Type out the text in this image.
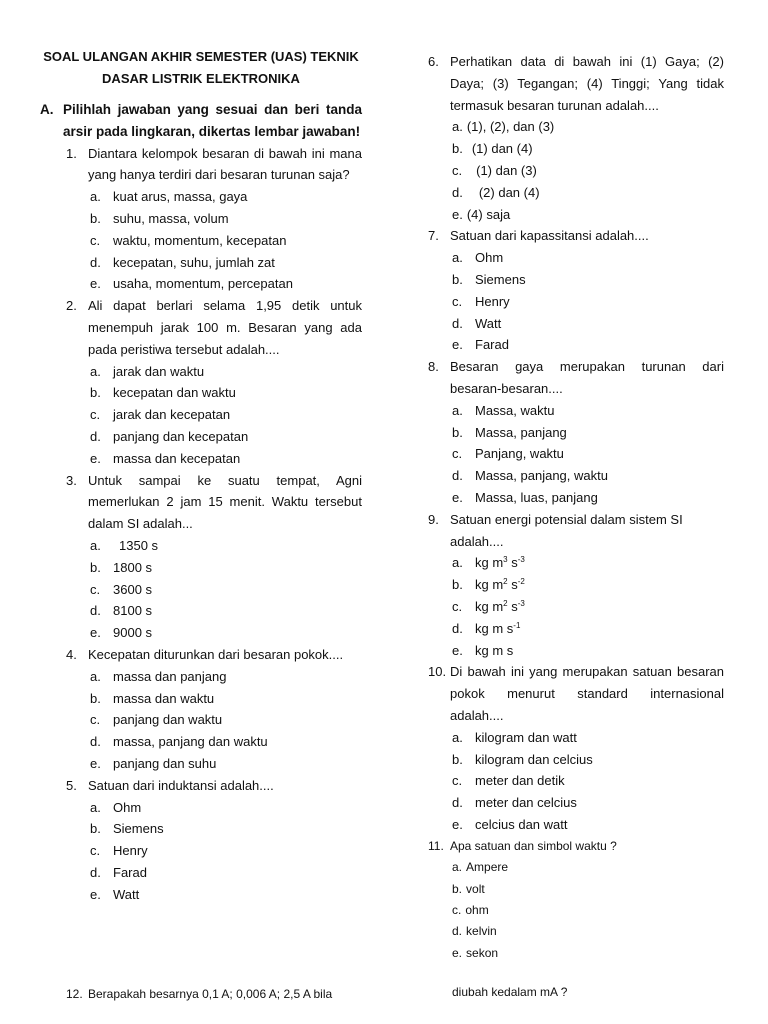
SOAL ULANGAN AKHIR SEMESTER (UAS) TEKNIK
DASAR LISTRIK ELEKTRONIKA
A. Pilihlah jawaban yang sesuai dan beri tanda arsir pada lingkaran, dikertas lembar jawaban!
1. Diantara kelompok besaran di bawah ini mana yang hanya terdiri dari besaran turunan saja?
a. kuat arus, massa, gaya
b. suhu, massa, volum
c. waktu, momentum, kecepatan
d. kecepatan, suhu, jumlah zat
e. usaha, momentum, percepatan
2. Ali dapat berlari selama 1,95 detik untuk menempuh jarak 100 m. Besaran yang ada pada peristiwa tersebut adalah....
a. jarak dan waktu
b. kecepatan dan waktu
c. jarak dan kecepatan
d. panjang dan kecepatan
e. massa dan kecepatan
3. Untuk sampai ke suatu tempat, Agni memerlukan 2 jam 15 menit. Waktu tersebut dalam SI adalah...
a.	1350 s
b. 1800 s
c. 3600 s
d. 8100 s
e. 9000 s
4. Kecepatan diturunkan dari besaran pokok....
a. massa dan panjang
b. massa dan waktu
c. panjang dan waktu
d. massa, panjang dan waktu
e. panjang dan suhu
5. Satuan dari induktansi adalah....
a. Ohm
b. Siemens
c. Henry
d. Farad
e. Watt
6. Perhatikan data di bawah ini (1) Gaya; (2) Daya; (3) Tegangan; (4) Tinggi; Yang tidak termasuk besaran turunan adalah....
a. (1), (2), dan (3)
b. (1) dan (4)
c. (1) dan (3)
d. (2) dan (4)
e. (4) saja
7. Satuan dari kapassitansi adalah....
a. Ohm
b. Siemens
c. Henry
d. Watt
e. Farad
8. Besaran gaya merupakan turunan dari besaran-besaran....
a. Massa, waktu
b. Massa, panjang
c. Panjang, waktu
d. Massa, panjang, waktu
e. Massa, luas, panjang
9. Satuan energi potensial dalam sistem SI adalah....
a. kg $m^3$ $s^{-3}$
b. kg $m^2$ $s^{-2}$
c. kg $m^2$ $s^{-3}$
d. kg m $s^{-1}$
e. kg m s
10. Di bawah ini yang merupakan satuan besaran pokok menurut standard internasional adalah....
a. kilogram dan watt
b. kilogram dan celcius
c. meter dan detik
d. meter dan celcius
e. celcius dan watt
11. Apa satuan dan simbol waktu ?
a. Ampere
b. volt
c. ohm
d. kelvin
e. sekon
12. Berapakah besarnya 0,1 A; 0,006 A; 2,5 A bila	diubah kedalam mA ?
